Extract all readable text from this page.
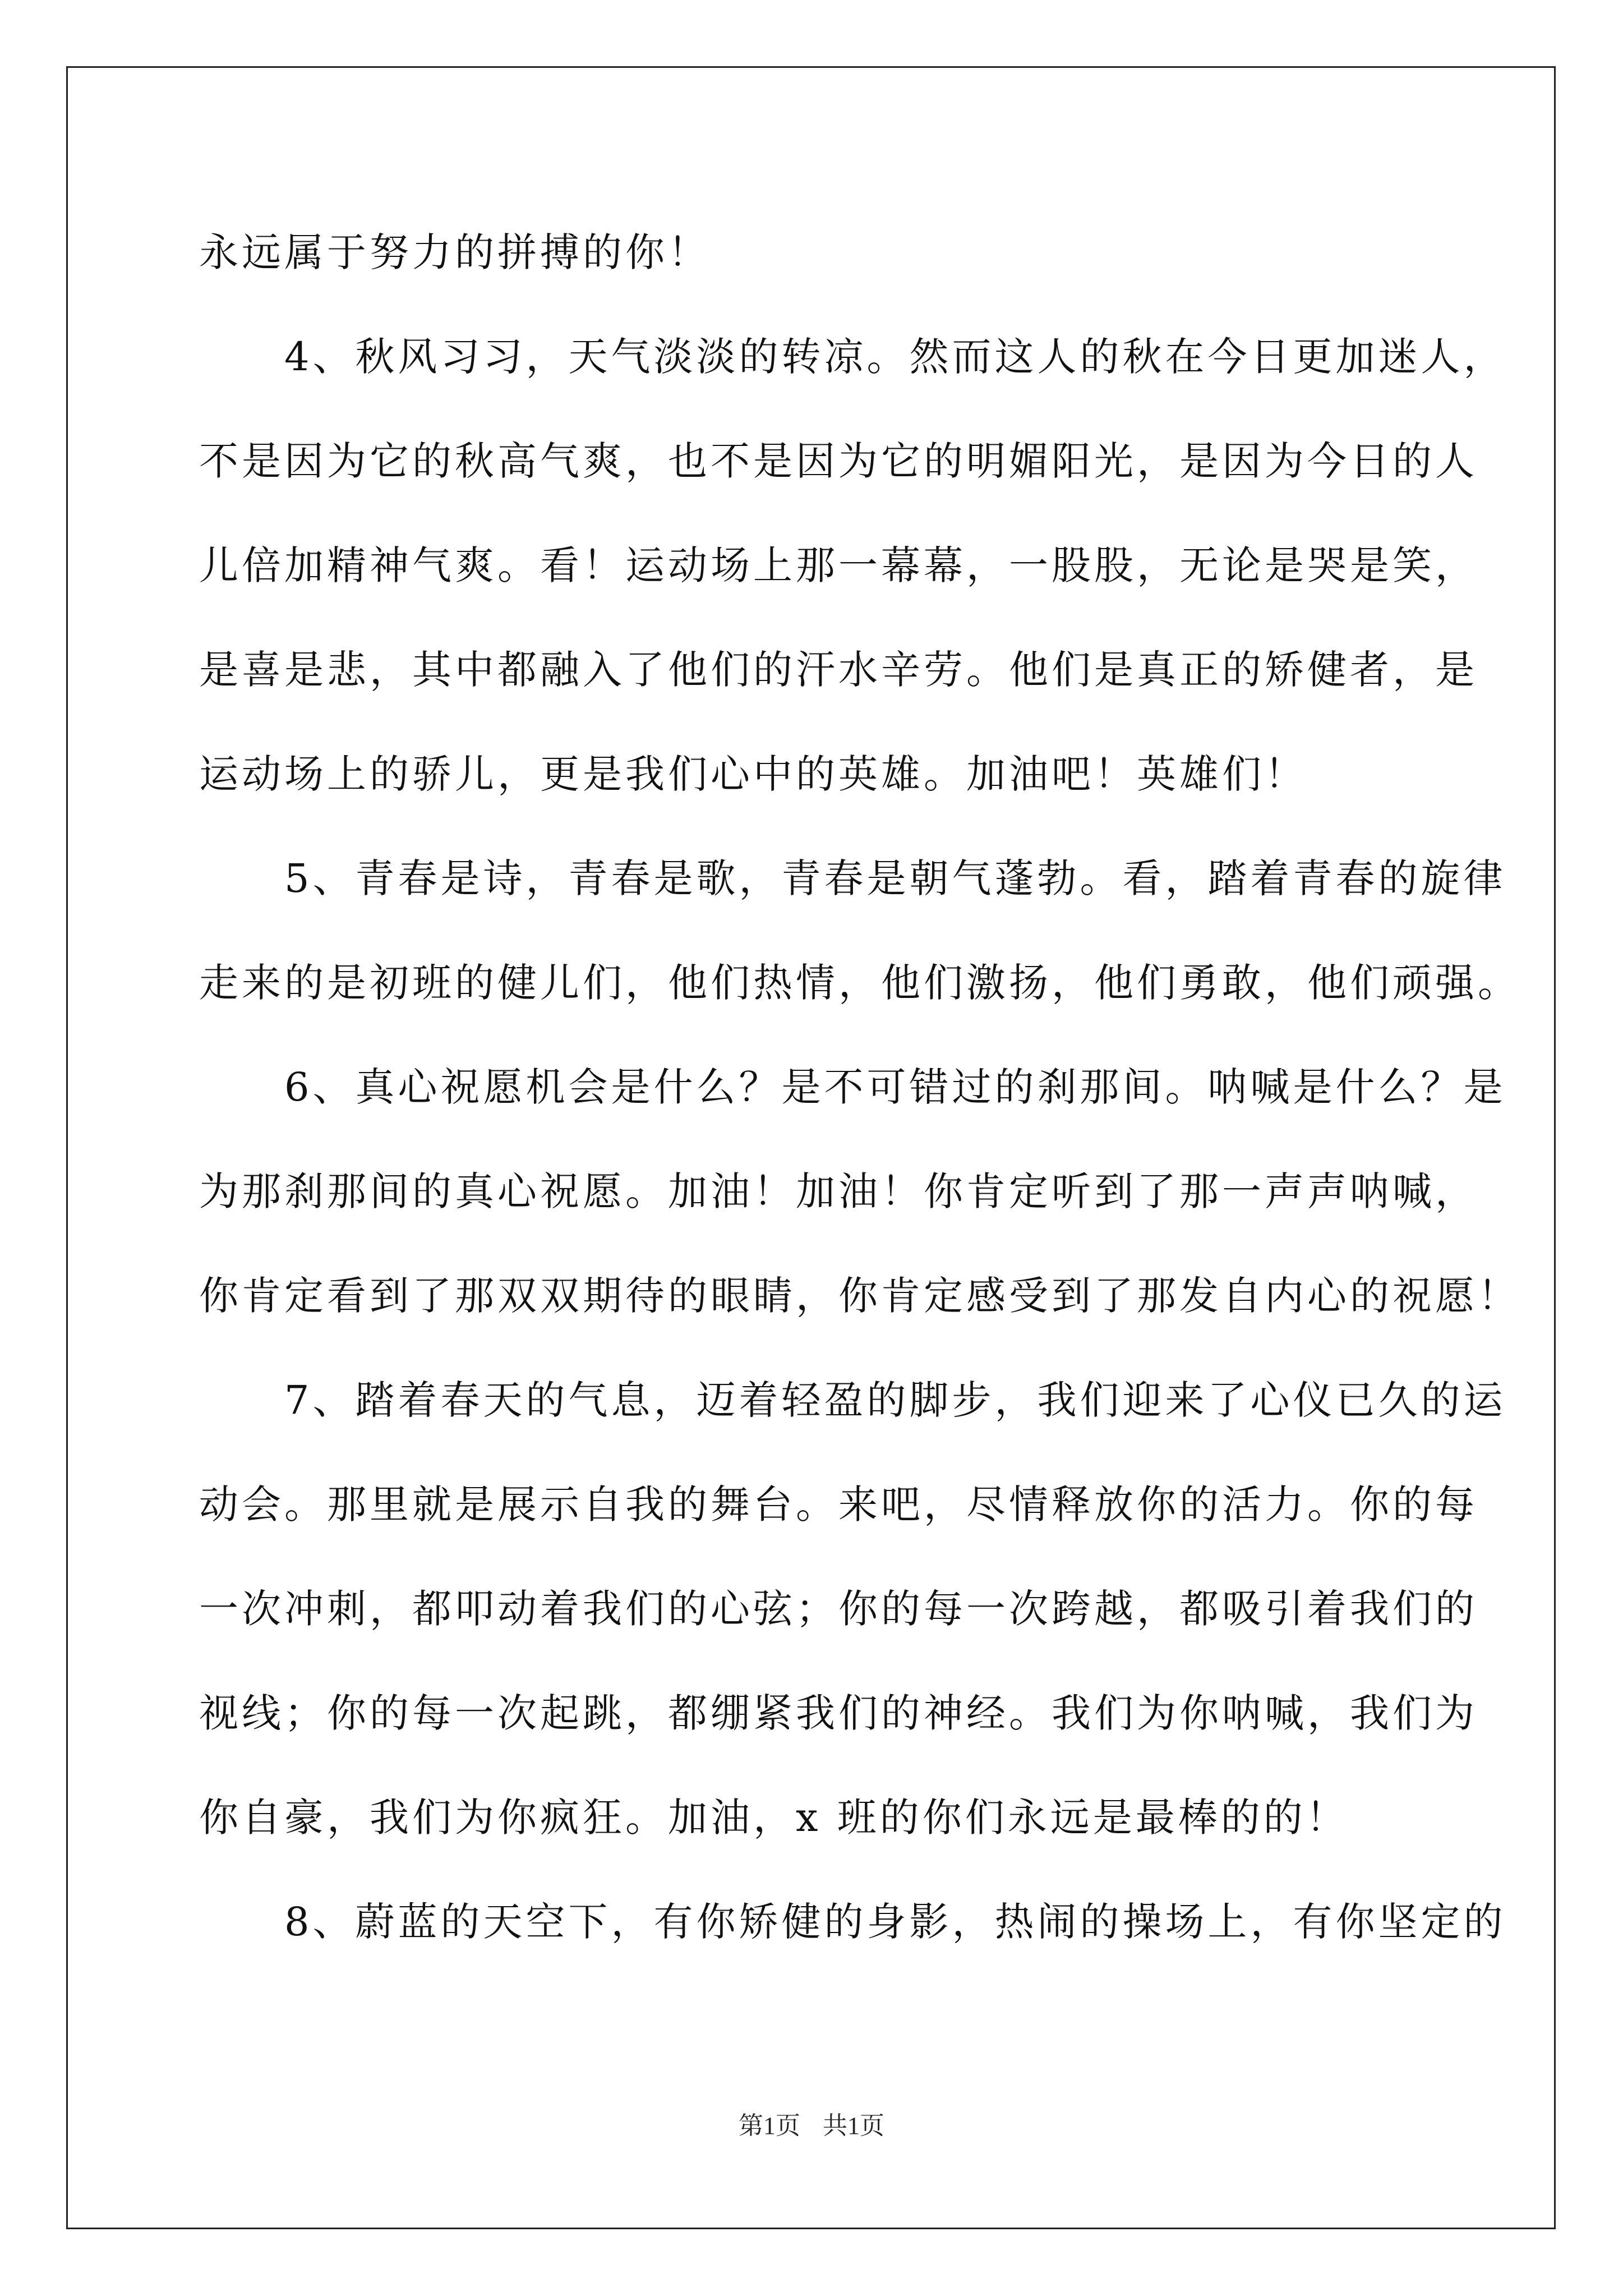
永远属于努力的拼搏的你！
　　4、秋风习习，天气淡淡的转凉。然而这人的秋在今日更加迷人，
不是因为它的秋高气爽，也不是因为它的明媚阳光，是因为今日的人
儿倍加精神气爽。看！运动场上那一幕幕，一股股，无论是哭是笑，
是喜是悲，其中都融入了他们的汗水辛劳。他们是真正的矫健者，是
运动场上的骄儿，更是我们心中的英雄。加油吧！英雄们！
　　5、青春是诗，青春是歌，青春是朝气蓬勃。看，踏着青春的旋律
走来的是初班的健儿们，他们热情，他们激扬，他们勇敢，他们顽强。
　　6、真心祝愿机会是什么？是不可错过的刹那间。呐喊是什么？是
为那刹那间的真心祝愿。加油！加油！你肯定听到了那一声声呐喊，
你肯定看到了那双双期待的眼睛，你肯定感受到了那发自内心的祝愿！
　　7、踏着春天的气息，迈着轻盈的脚步，我们迎来了心仪已久的运
动会。那里就是展示自我的舞台。来吧，尽情释放你的活力。你的每
一次冲刺，都叩动着我们的心弦；你的每一次跨越，都吸引着我们的
视线；你的每一次起跳，都绷紧我们的神经。我们为你呐喊，我们为
你自豪，我们为你疯狂。加油，x 班的你们永远是最棒的的！
　　8、蔚蓝的天空下，有你矫健的身影，热闹的操场上，有你坚定的
第1页 共1页
